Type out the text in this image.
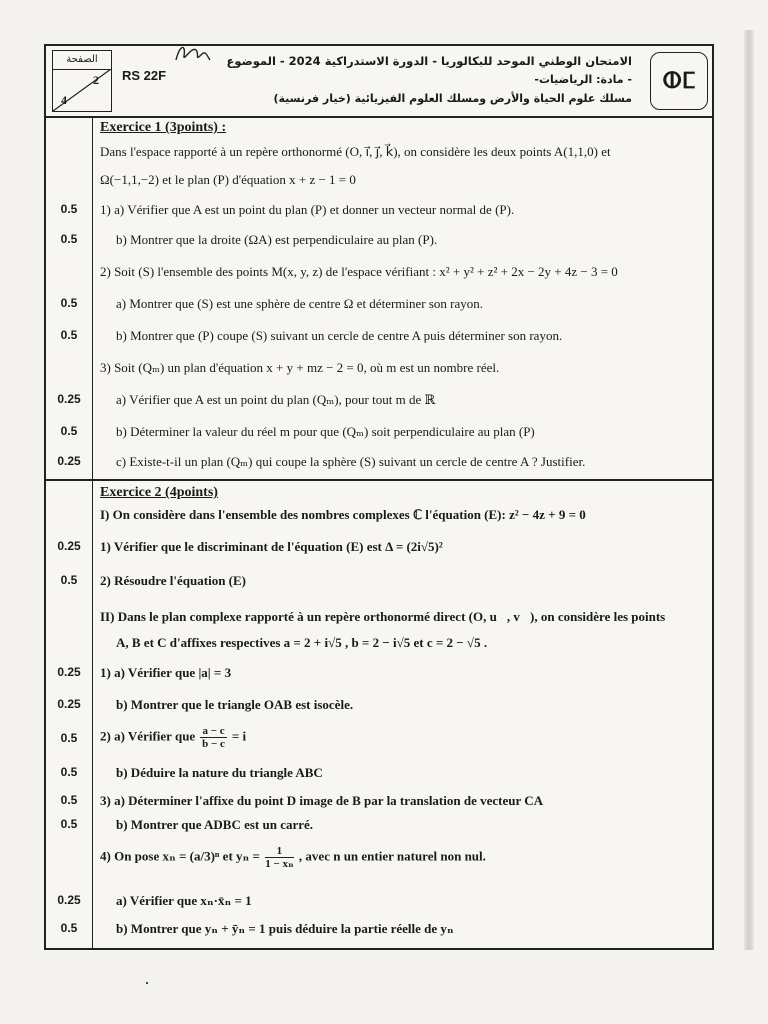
الصفحة
2
4
RS 22F
الامتحان الوطني الموحد للبكالوريا - الدورة الاستدراكية 2024 - الموضوع
- مادة: الرياضيات-
مسلك علوم الحياة والأرض ومسلك العلوم الفيزيائية (خيار فرنسية)
ⵀⵎ
Exercice 1 (3points) :
Dans l'espace rapporté à un repère orthonormé (O, i⃗, j⃗, k⃗), on considère les deux points A(1,1,0) et
Ω(−1,1,−2) et le plan (P) d'équation x + z − 1 = 0
0.5	1) a) Vérifier que A est un point du plan (P) et donner un vecteur normal de (P).
0.5	b) Montrer que la droite (ΩA) est perpendiculaire au plan (P).
2) Soit (S) l'ensemble des points M(x, y, z) de l'espace vérifiant : x² + y² + z² + 2x − 2y + 4z − 3 = 0
0.5	a) Montrer que (S) est une sphère de centre Ω et déterminer son rayon.
0.5	b) Montrer que (P) coupe (S) suivant un cercle de centre A puis déterminer son rayon.
3) Soit (Qₘ) un plan d'équation x + y + mz − 2 = 0, où m est un nombre réel.
0.25	a) Vérifier que A est un point du plan (Qₘ), pour tout m de ℝ
0.5	b) Déterminer la valeur du réel m pour que (Qₘ) soit perpendiculaire au plan (P)
0.25	c) Existe-t-il un plan (Qₘ) qui coupe la sphère (S) suivant un cercle de centre A ? Justifier.
Exercice 2 (4points)
I) On considère dans l'ensemble des nombres complexes ℂ l'équation (E): z² − 4z + 9 = 0
0.25	1) Vérifier que le discriminant de l'équation (E) est Δ = (2i√5)²
0.5	2) Résoudre l'équation (E)
II) Dans le plan complexe rapporté à un repère orthonormé direct (O, u⃗, v⃗), on considère les points
A, B et C d'affixes respectives a = 2 + i√5 , b = 2 − i√5 et c = 2 − √5 .
0.25	1) a) Vérifier que |a| = 3
0.25	b) Montrer que le triangle OAB est isocèle.
0.5	2) a) Vérifier que $\frac{a - c}{b - c} = i$
0.5	b) Déduire la nature du triangle ABC
0.5	3) a) Déterminer l'affixe du point D image de B par la translation de vecteur CA⃗
0.5	b) Montrer que ADBC est un carré.
4) On pose xₙ = (a/3)ⁿ et $y_n = \frac{1}{\text{1 − xₙ}}$ , avec n un entier naturel non nul.
0.25	a) Vérifier que xₙ·x̄ₙ = 1
0.5	b) Montrer que yₙ + ȳₙ = 1 puis déduire la partie réelle de yₙ
